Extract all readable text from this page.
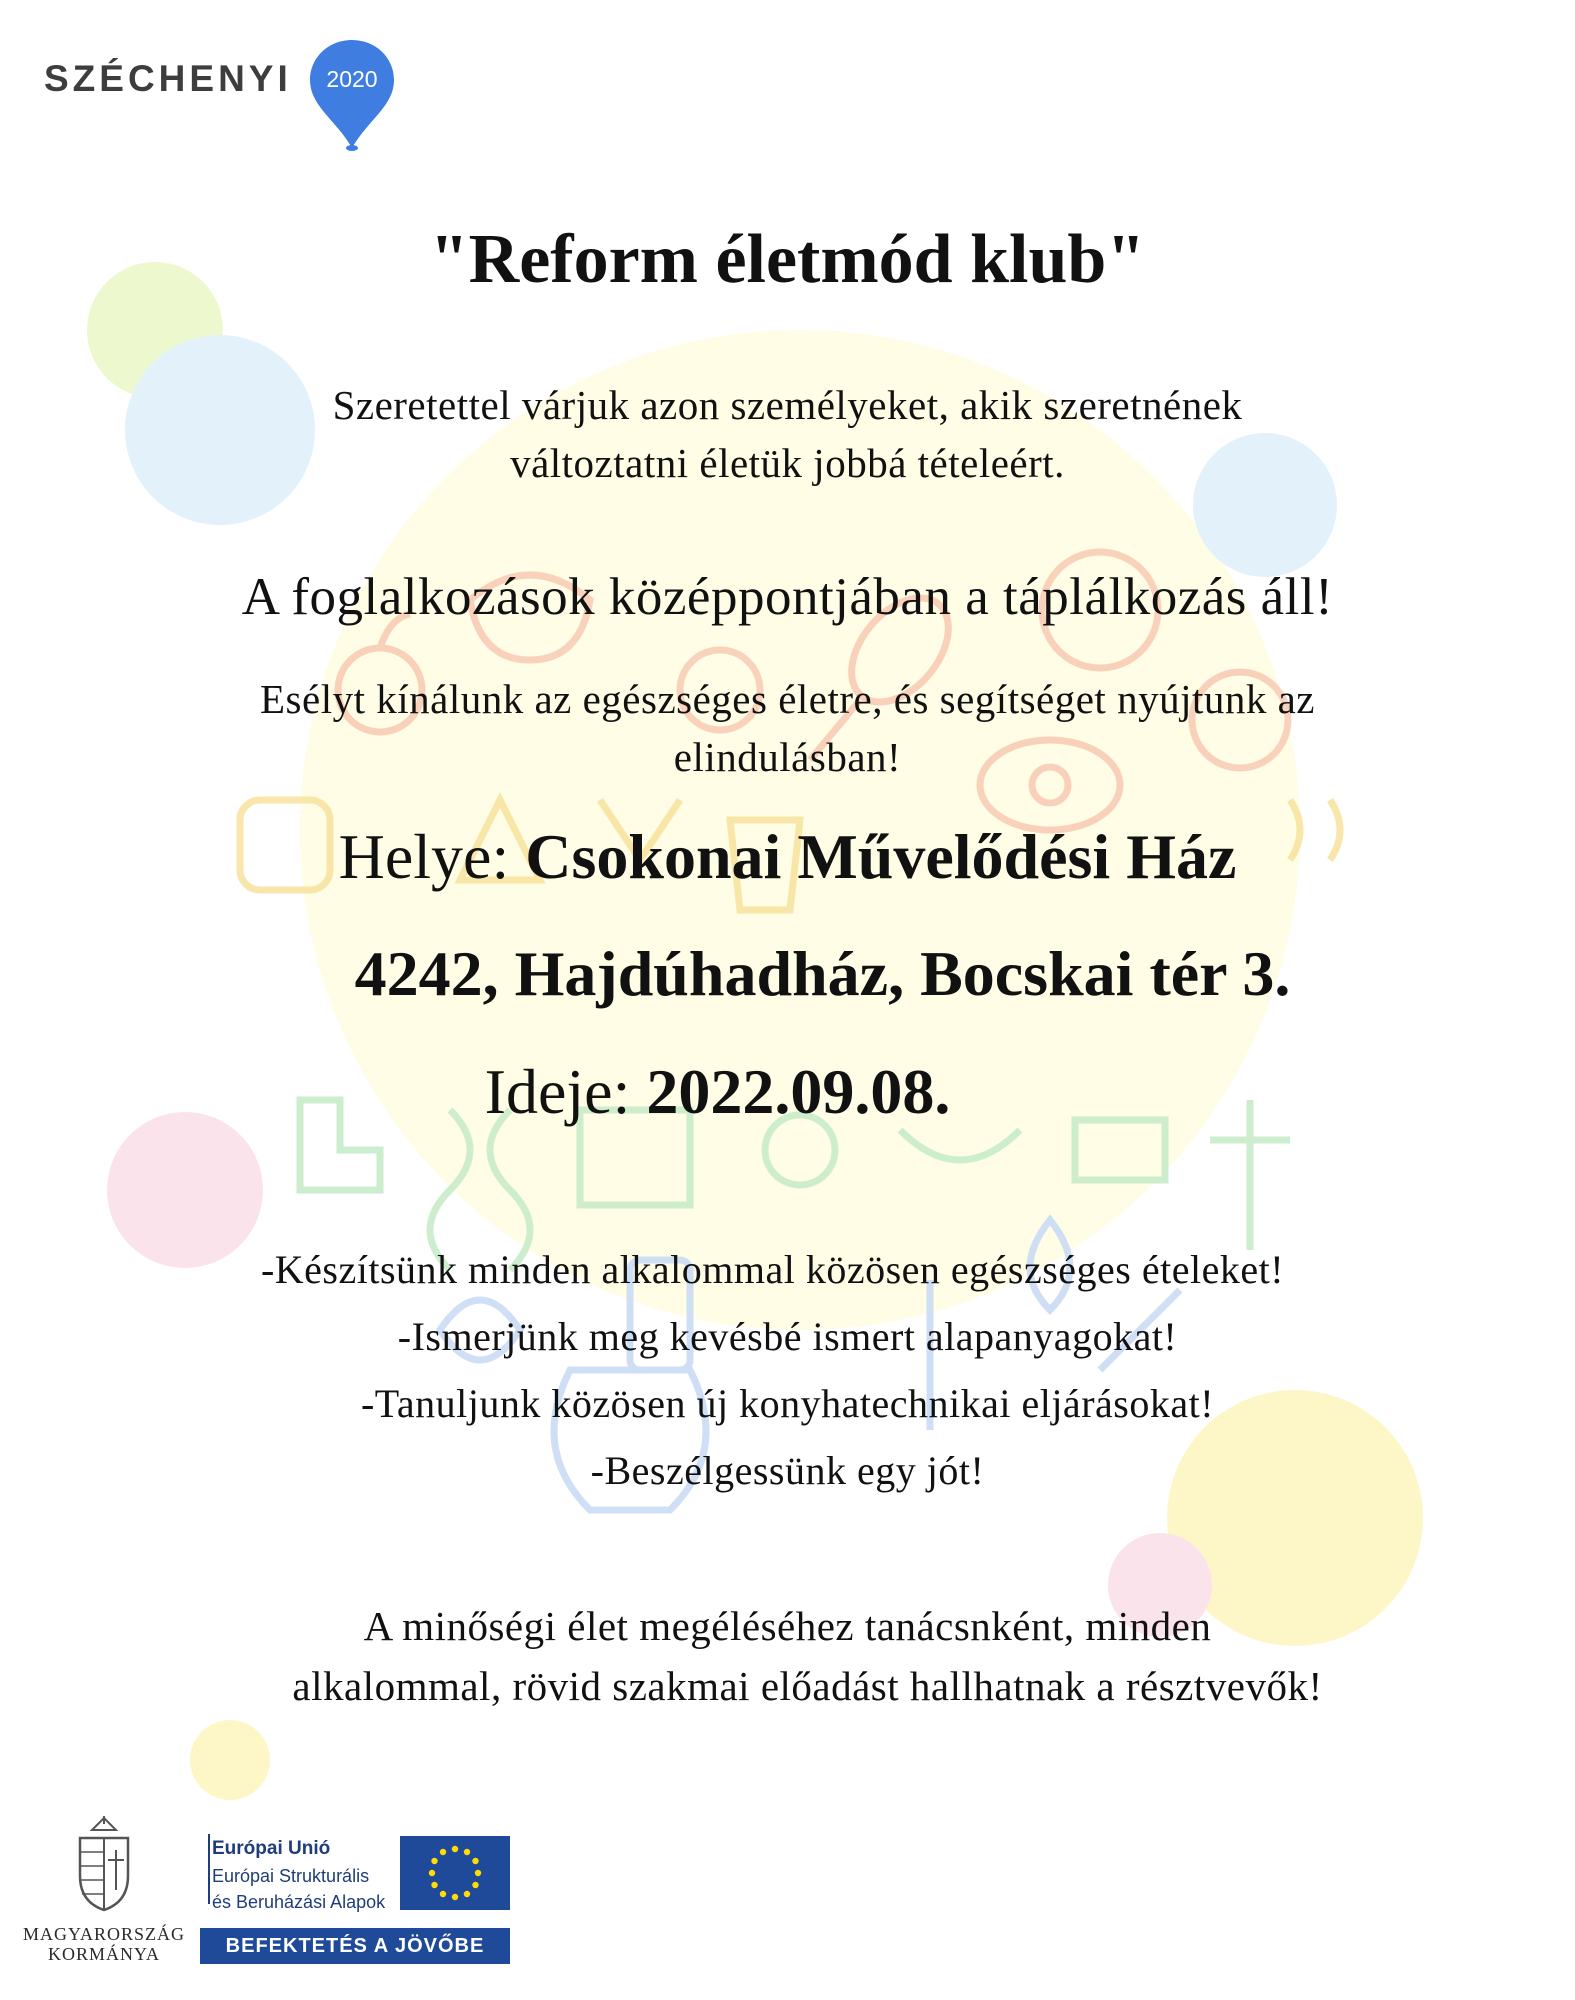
SZÉCHENYI	2020
"Reform életmód klub"
Szeretettel várjuk azon személyeket, akik szeretnének
változtatni életük jobbá tételeért.
A foglalkozások középpontjában a táplálkozás áll!
Esélyt kínálunk az egészséges életre, és segítséget nyújtunk az
elindulásban!
Helye: Csokonai Művelődési Ház
4242, Hajdúhadház, Bocskai tér 3.
Ideje: 2022.09.08.
-Készítsünk minden alkalommal közösen egészséges ételeket!
-Ismerjünk meg kevésbé ismert alapanyagokat!
-Tanuljunk közösen új konyhatechnikai eljárásokat!
-Beszélgessünk egy jót!
A minőségi élet megéléséhez tanácsnként, minden
alkalommal, rövid szakmai előadást hallhatnak a résztvevők!
MAGYARORSZÁG
KORMÁNYA
Európai Unió
Európai Strukturális
és Beruházási Alapok
BEFEKTETÉS A JÖVŐBE
